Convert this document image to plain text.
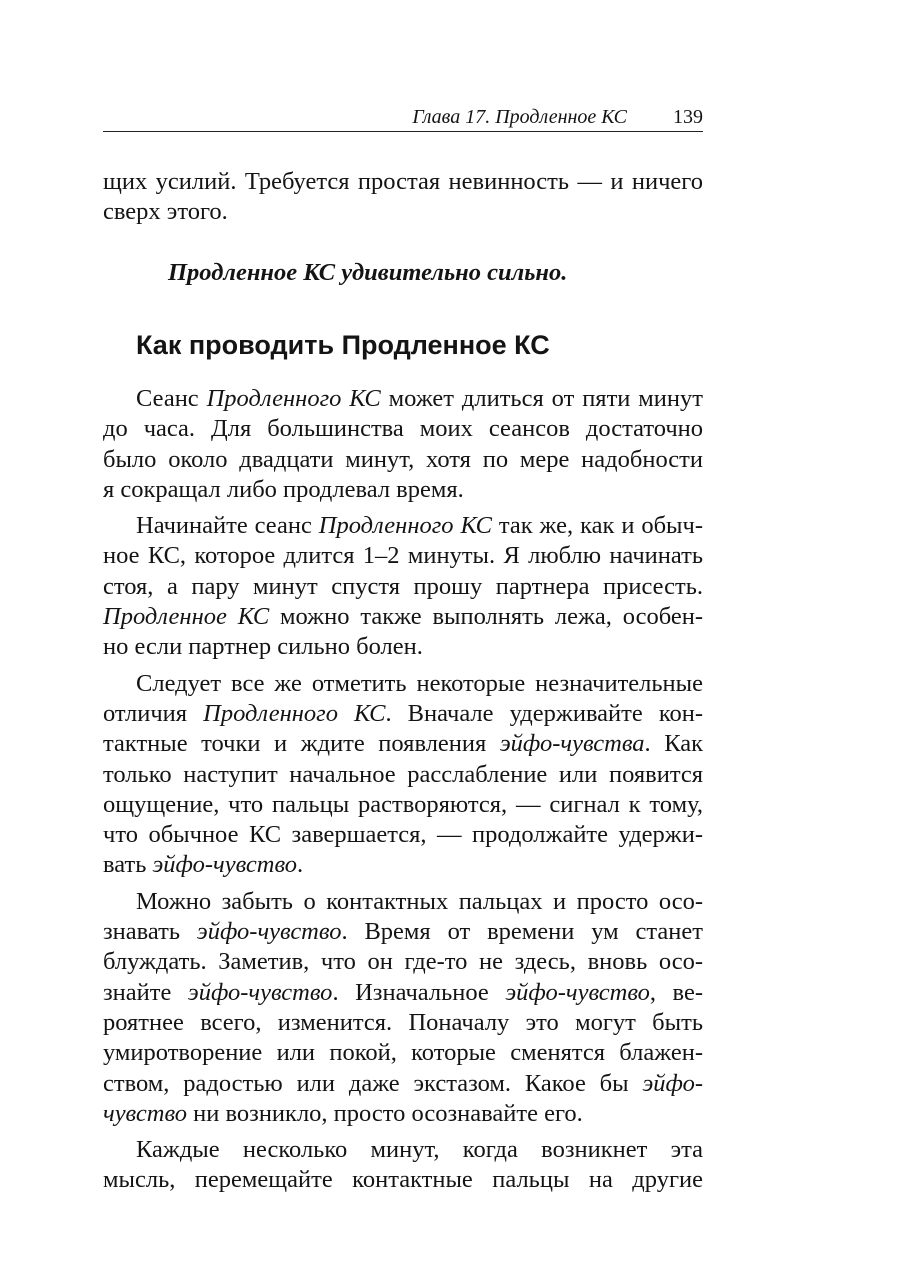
Глава 17. Продленное КС 139
щих усилий. Требуется простая невинность — и ничего
сверх этого.
Продленное КС удивительно сильно.
Как проводить Продленное КС
Сеанс Продленного КС может длиться от пяти минут
до часа. Для большинства моих сеансов достаточно
было около двадцати минут, хотя по мере надобности
я сокращал либо продлевал время.
Начинайте сеанс Продленного КС так же, как и обыч-
ное КС, которое длится 1–2 минуты. Я люблю начинать
стоя, а пару минут спустя прошу партнера присесть.
Продленное КС можно также выполнять лежа, особен-
но если партнер сильно болен.
Следует все же отметить некоторые незначительные
отличия Продленного КС. Вначале удерживайте кон-
тактные точки и ждите появления эйфо-чувства. Как
только наступит начальное расслабление или появится
ощущение, что пальцы растворяются, — сигнал к тому,
что обычное КС завершается, — продолжайте удержи-
вать эйфо-чувство.
Можно забыть о контактных пальцах и просто осо-
знавать эйфо-чувство. Время от времени ум станет
блуждать. Заметив, что он где-то не здесь, вновь осо-
знайте эйфо-чувство. Изначальное эйфо-чувство, ве-
роятнее всего, изменится. Поначалу это могут быть
умиротворение или покой, которые сменятся блажен-
ством, радостью или даже экстазом. Какое бы эйфо-
чувство ни возникло, просто осознавайте его.
Каждые несколько минут, когда возникнет эта
мысль, перемещайте контактные пальцы на другие
